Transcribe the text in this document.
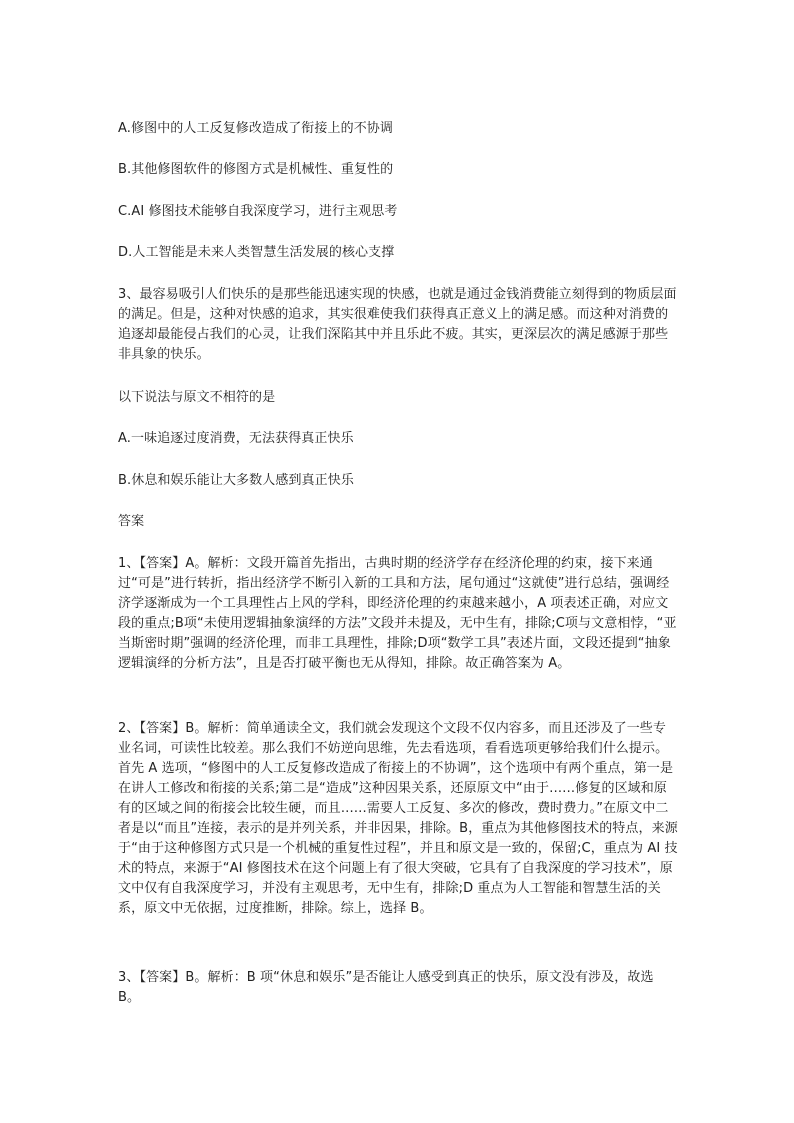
A.修图中的人工反复修改造成了衔接上的不协调

B.其他修图软件的修图方式是机械性、重复性的

C.AI 修图技术能够自我深度学习，进行主观思考

D.人工智能是未来人类智慧生活发展的核心支撑

3、最容易吸引人们快乐的是那些能迅速实现的快感，也就是通过金钱消费能立刻得到的物质层面的满足。但是，这种对快感的追求，其实很难使我们获得真正意义上的满足感。而这种对消费的追逐却最能侵占我们的心灵，让我们深陷其中并且乐此不疲。其实，更深层次的满足感源于那些非具象的快乐。

以下说法与原文不相符的是

A.一味追逐过度消费，无法获得真正快乐

B.休息和娱乐能让大多数人感到真正快乐

答案

1、【答案】A。解析：文段开篇首先指出，古典时期的经济学存在经济伦理的约束，接下来通过“可是”进行转折，指出经济学不断引入新的工具和方法，尾句通过“这就使”进行总结，强调经济学逐渐成为一个工具理性占上风的学科，即经济伦理的约束越来越小，A 项表述正确，对应文段的重点;B项“未使用逻辑抽象演绎的方法”文段并未提及，无中生有，排除;C项与文意相悖，“亚当斯密时期”强调的经济伦理，而非工具理性，排除;D项“数学工具”表述片面，文段还提到“抽象逻辑演绎的分析方法”，且是否打破平衡也无从得知，排除。故正确答案为 A。

2、【答案】B。解析：简单通读全文，我们就会发现这个文段不仅内容多，而且还涉及了一些专业名词，可读性比较差。那么我们不妨逆向思维，先去看选项，看看选项更够给我们什么提示。首先 A 选项，“修图中的人工反复修改造成了衔接上的不协调”，这个选项中有两个重点，第一是在讲人工修改和衔接的关系;第二是“造成”这种因果关系，还原原文中“由于……修复的区域和原有的区域之间的衔接会比较生硬，而且……需要人工反复、多次的修改，费时费力。”在原文中二者是以“而且”连接，表示的是并列关系，并非因果，排除。B，重点为其他修图技术的特点，来源于“由于这种修图方式只是一个机械的重复性过程”，并且和原文是一致的，保留;C，重点为 AI 技术的特点，来源于“AI 修图技术在这个问题上有了很大突破，它具有了自我深度的学习技术”，原文中仅有自我深度学习，并没有主观思考，无中生有，排除;D 重点为人工智能和智慧生活的关系，原文中无依据，过度推断，排除。综上，选择 B。

3、【答案】B。解析：B 项“休息和娱乐”是否能让人感受到真正的快乐，原文没有涉及，故选 B。
